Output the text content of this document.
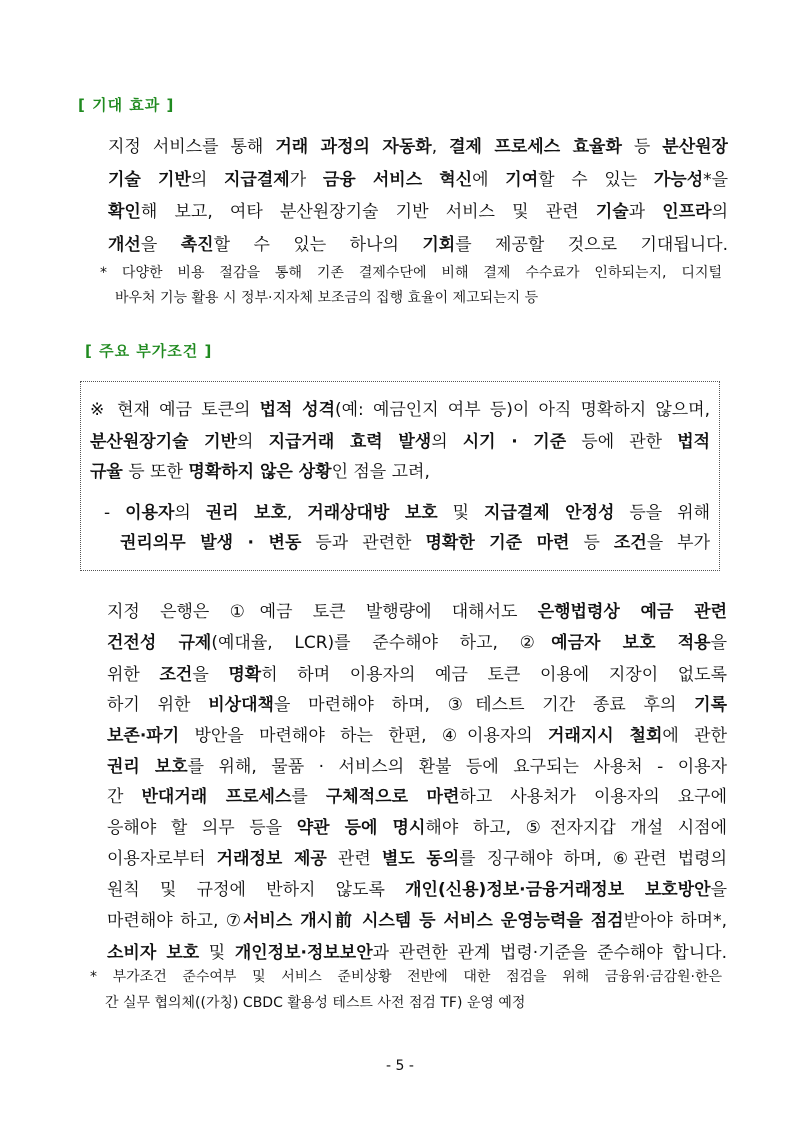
[ 기대 효과 ]
지정 서비스를 통해 거래 과정의 자동화, 결제 프로세스 효율화 등 분산원장
기술 기반의 지급결제가 금융 서비스 혁신에 기여할 수 있는 가능성*을
확인해 보고, 여타 분산원장기술 기반 서비스 및 관련 기술과 인프라의
개선을 촉진할 수 있는 하나의 기회를 제공할 것으로 기대됩니다.
* 다양한 비용 절감을 통해 기존 결제수단에 비해 결제 수수료가 인하되는지, 디지털
바우처 기능 활용 시 정부·지자체 보조금의 집행 효율이 제고되는지 등
[ 주요 부가조건 ]
※ 현재 예금 토큰의 법적 성격(예: 예금인지 여부 등)이 아직 명확하지 않으며,
분산원장기술 기반의 지급거래 효력 발생의 시기 · 기준 등에 관한 법적
규율 등 또한 명확하지 않은 상황인 점을 고려,
- 이용자의 권리 보호, 거래상대방 보호 및 지급결제 안정성 등을 위해
권리의무 발생 · 변동 등과 관련한 명확한 기준 마련 등 조건을 부가
지정 은행은 ①예금 토큰 발행량에 대해서도 은행법령상 예금 관련
건전성 규제(예대율, LCR)를 준수해야 하고, ②예금자 보호 적용을
위한 조건을 명확히 하며 이용자의 예금 토큰 이용에 지장이 없도록
하기 위한 비상대책을 마련해야 하며, ③테스트 기간 종료 후의 기록
보존·파기 방안을 마련해야 하는 한편, ④이용자의 거래지시 철회에 관한
권리 보호를 위해, 물품 · 서비스의 환불 등에 요구되는 사용처 - 이용자
간 반대거래 프로세스를 구체적으로 마련하고 사용처가 이용자의 요구에
응해야 할 의무 등을 약관 등에 명시해야 하고, ⑤전자지갑 개설 시점에
이용자로부터 거래정보 제공 관련 별도 동의를 징구해야 하며, ⑥관련 법령의
원칙 및 규정에 반하지 않도록 개인(신용)정보·금융거래정보 보호방안을
마련해야 하고, ⑦서비스 개시前 시스템 등 서비스 운영능력을 점검받아야 하며*,
소비자 보호 및 개인정보·정보보안과 관련한 관계 법령·기준을 준수해야 합니다.
* 부가조건 준수여부 및 서비스 준비상황 전반에 대한 점검을 위해 금융위·금감원·한은
간 실무 협의체((가칭) CBDC 활용성 테스트 사전 점검 TF) 운영 예정
- 5 -
